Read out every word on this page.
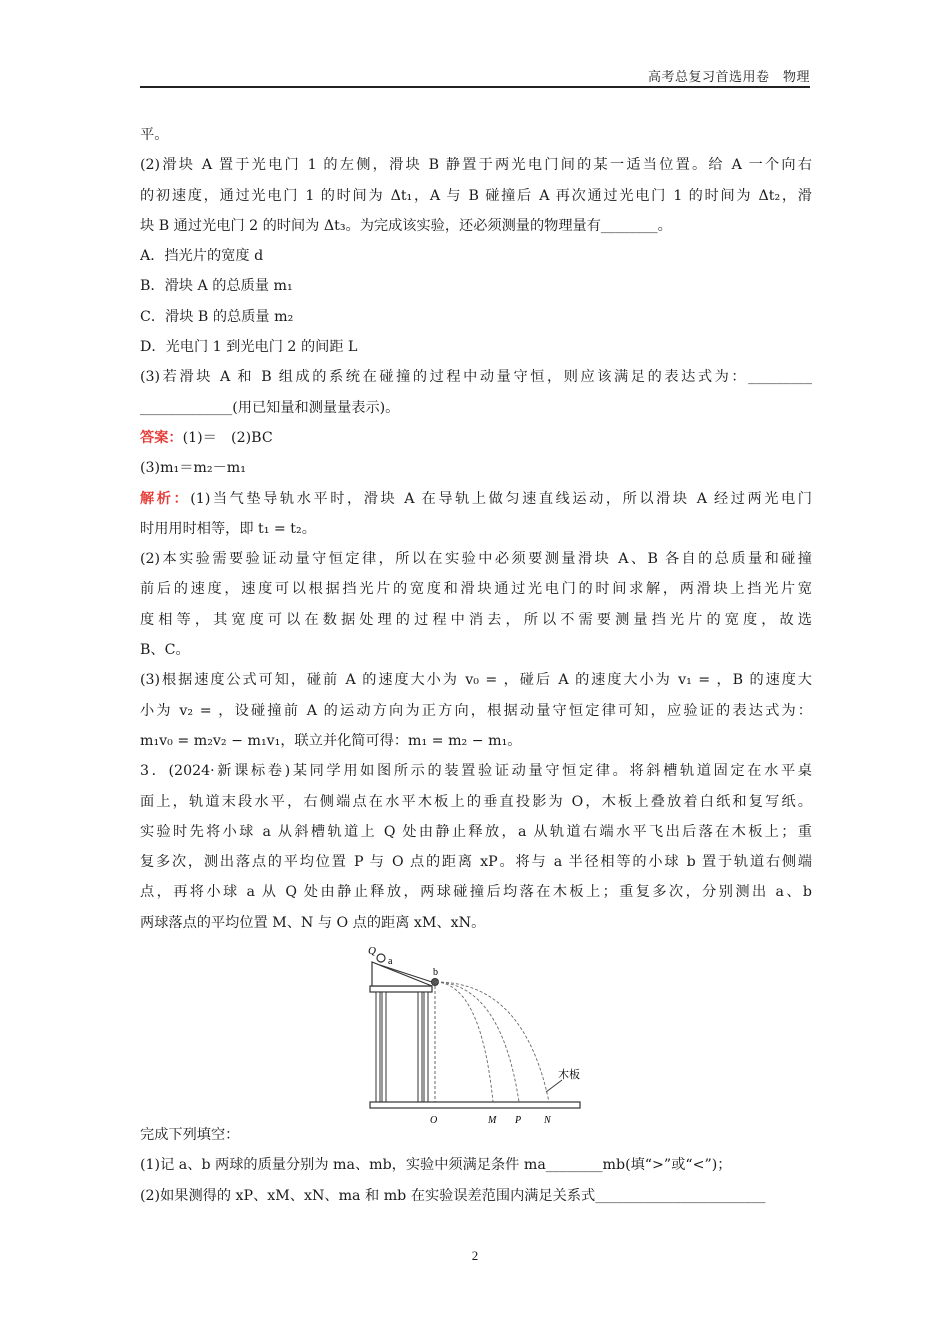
高考总复习首选用卷　物理
平。
(2)滑块 A 置于光电门 1 的左侧，滑块 B 静置于两光电门间的某一适当位置。给 A 一个向右
的初速度，通过光电门 1 的时间为 Δt₁，A 与 B 碰撞后 A 再次通过光电门 1 的时间为 Δt₂，滑
块 B 通过光电门 2 的时间为 Δt₃。为完成该实验，还必须测量的物理量有________。
A．挡光片的宽度 d
B．滑块 A 的总质量 m₁
C．滑块 B 的总质量 m₂
D．光电门 1 到光电门 2 的间距 L
(3)若滑块 A 和 B 组成的系统在碰撞的过程中动量守恒，则应该满足的表达式为：_________
_____________(用已知量和测量量表示)。
答案：(1)＝　(2)BC
(3)m₁＝m₂－m₁
解析：(1)当气垫导轨水平时，滑块 A 在导轨上做匀速直线运动，所以滑块 A 经过两光电门
时用用时相等，即 t₁ = t₂。
(2)本实验需要验证动量守恒定律，所以在实验中必须要测量滑块 A、B 各自的总质量和碰撞
前后的速度，速度可以根据挡光片的宽度和滑块通过光电门的时间求解，两滑块上挡光片宽
度相等，其宽度可以在数据处理的过程中消去，所以不需要测量挡光片的宽度，故选
B、C。
(3)根据速度公式可知，碰前 A 的速度大小为 v₀ = ，碰后 A 的速度大小为 v₁ = ，B 的速度大
小为 v₂ = ，设碰撞前 A 的运动方向为正方向，根据动量守恒定律可知，应验证的表达式为：
m₁v₀ = m₂v₂ − m₁v₁，联立并化简可得：m₁ = m₂ − m₁。
3．(2024·新课标卷)某同学用如图所示的装置验证动量守恒定律。将斜槽轨道固定在水平桌
面上，轨道末段水平，右侧端点在水平木板上的垂直投影为 O，木板上叠放着白纸和复写纸。
实验时先将小球 a 从斜槽轨道上 Q 处由静止释放，a 从轨道右端水平飞出后落在木板上；重
复多次，测出落点的平均位置 P 与 O 点的距离 xP。将与 a 半径相等的小球 b 置于轨道右侧端
点，再将小球 a 从 Q 处由静止释放，两球碰撞后均落在木板上；重复多次，分别测出 a、b
两球落点的平均位置 M、N 与 O 点的距离 xM、xN。
Q
a
b
木板
O	M P N
完成下列填空：
(1)记 a、b 两球的质量分别为 ma、mb，实验中须满足条件 ma________mb(填“>”或“<”)；
(2)如果测得的 xP、xM、xN、ma 和 mb 在实验误差范围内满足关系式________________________
2
